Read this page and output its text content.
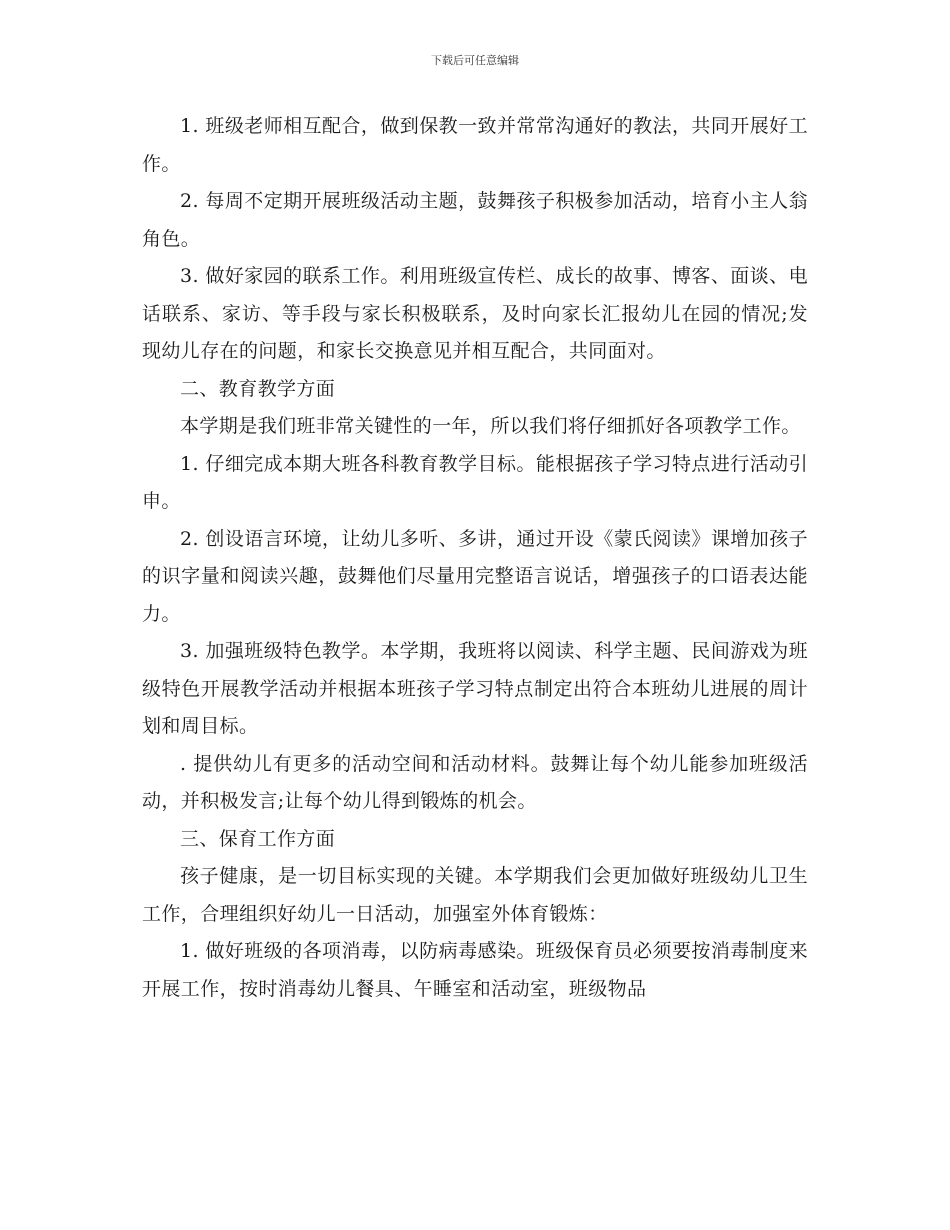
下载后可任意编辑

1. 班级老师相互配合，做到保教一致并常常沟通好的教法，共同开展好工作。

2. 每周不定期开展班级活动主题，鼓舞孩子积极参加活动，培育小主人翁角色。

3. 做好家园的联系工作。利用班级宣传栏、成长的故事、博客、面谈、电话联系、家访、等手段与家长积极联系，及时向家长汇报幼儿在园的情况;发现幼儿存在的问题，和家长交换意见并相互配合，共同面对。

二、教育教学方面

本学期是我们班非常关键性的一年，所以我们将仔细抓好各项教学工作。

1. 仔细完成本期大班各科教育教学目标。能根据孩子学习特点进行活动引申。

2. 创设语言环境，让幼儿多听、多讲，通过开设《蒙氏阅读》课增加孩子的识字量和阅读兴趣，鼓舞他们尽量用完整语言说话，增强孩子的口语表达能力。

3. 加强班级特色教学。本学期，我班将以阅读、科学主题、民间游戏为班级特色开展教学活动并根据本班孩子学习特点制定出符合本班幼儿进展的周计划和周目标。

. 提供幼儿有更多的活动空间和活动材料。鼓舞让每个幼儿能参加班级活动，并积极发言;让每个幼儿得到锻炼的机会。

三、保育工作方面

孩子健康，是一切目标实现的关键。本学期我们会更加做好班级幼儿卫生工作，合理组织好幼儿一日活动，加强室外体育锻炼：

1. 做好班级的各项消毒，以防病毒感染。班级保育员必须要按消毒制度来开展工作，按时消毒幼儿餐具、午睡室和活动室，班级物品
